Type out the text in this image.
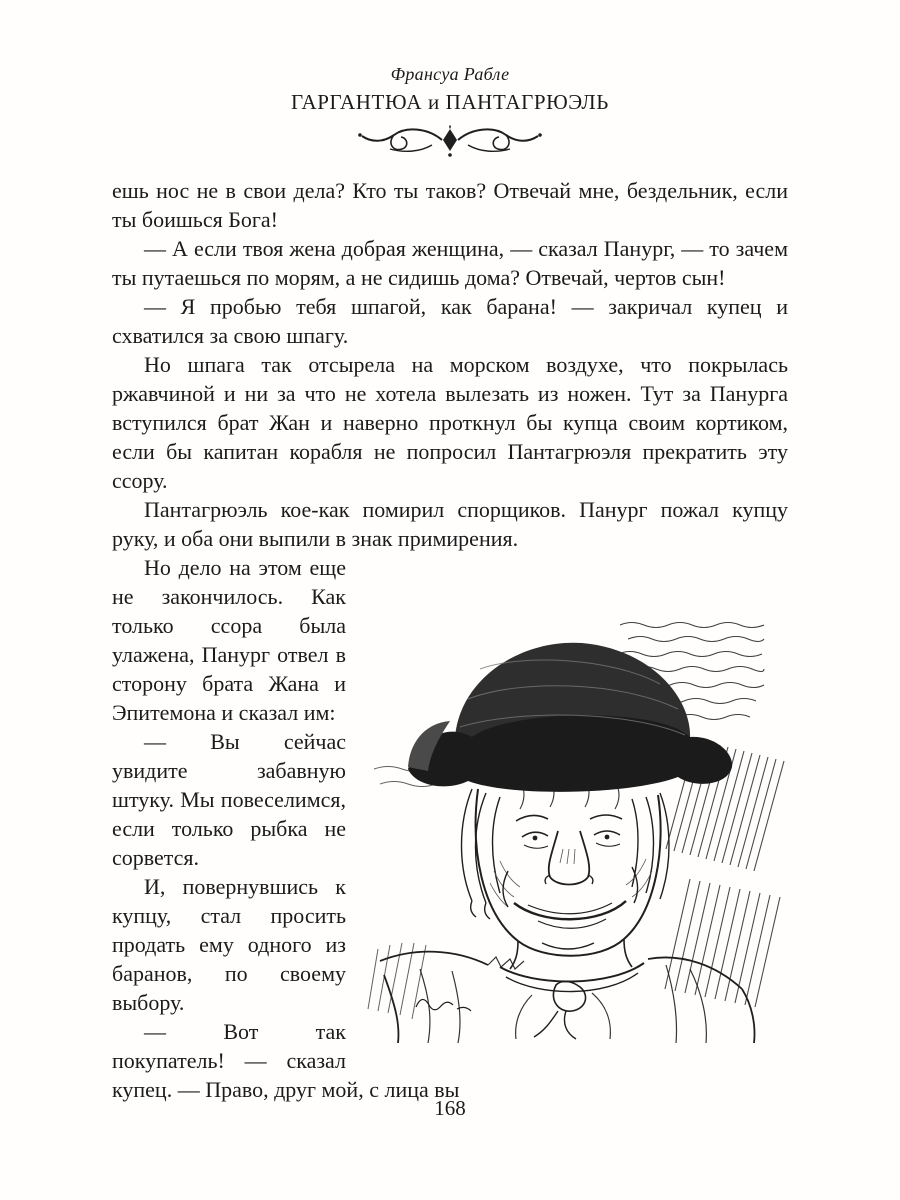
Франсуа Рабле
ГАРГАНТЮА и ПАНТАГРЮЭЛЬ

ешь нос не в свои дела? Кто ты таков? Отвечай мне, бездельник, если ты боишься Бога!

— А если твоя жена добрая женщина, — сказал Панург, — то зачем ты путаешься по морям, а не сидишь дома? Отвечай, чертов сын!

— Я пробью тебя шпагой, как барана! — закричал купец и схватился за свою шпагу.

Но шпага так отсырела на морском воздухе, что покрылась ржавчиной и ни за что не хотела вылезать из ножен. Тут за Панурга вступился брат Жан и наверно проткнул бы купца своим кортиком, если бы капитан корабля не попросил Пантагрюэля прекратить эту ссору.

Пантагрюэль кое-как помирил спорщиков. Панург пожал купцу руку, и оба они выпили в знак примирения.

Но дело на этом еще не закончилось. Как только ссора была улажена, Панург отвел в сторону брата Жана и Эпитемона и сказал им:

— Вы сейчас увидите забавную штуку. Мы повеселимся, если только рыбка не сорвется.

И, повернувшись к купцу, стал просить продать ему одного из баранов, по своему выбору.

— Вот так покупатель! — сказал купец. — Право, друг мой, с лица вы

168
